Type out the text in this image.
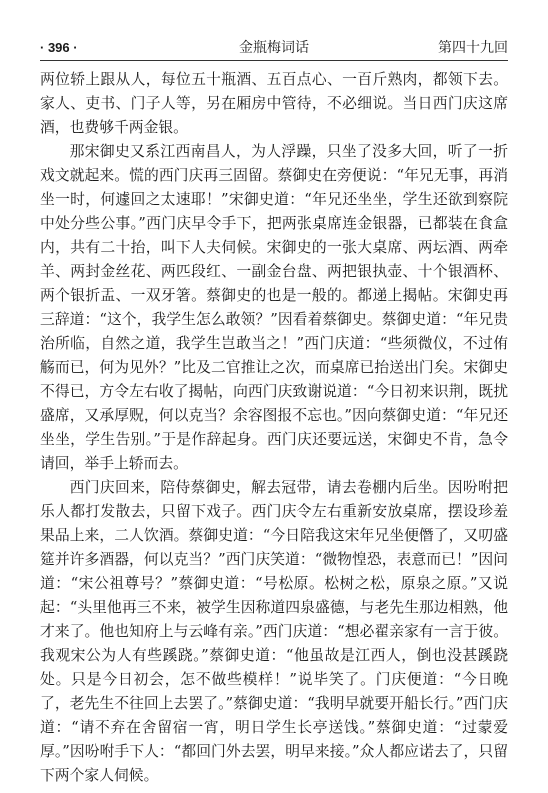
· 396 ·	金瓶梅词话	第四十九回

两位轿上跟从人，每位五十瓶酒、五百点心、一百斤熟肉，都领下去。家人、吏书、门子人等，另在厢房中管待，不必细说。当日西门庆这席酒，也费够千两金银。

那宋御史又系江西南昌人，为人浮躁，只坐了没多大回，听了一折戏文就起来。慌的西门庆再三固留。蔡御史在旁便说：“年兄无事，再消坐一时，何遽回之太速耶！”宋御史道：“年兄还坐坐，学生还欲到察院中处分些公事。”西门庆早令手下，把两张桌席连金银器，已都装在食盒内，共有二十抬，叫下人夫伺候。宋御史的一张大桌席、两坛酒、两牵羊、两封金丝花、两匹段红、一副金台盘、两把银执壶、十个银酒杯、两个银折盂、一双牙箸。蔡御史的也是一般的。都递上揭帖。宋御史再三辞道：“这个，我学生怎么敢领？”因看着蔡御史。蔡御史道：“年兄贵治所临，自然之道，我学生岂敢当之！”西门庆道：“些须微仪，不过侑觞而已，何为见外？”比及二官推让之次，而桌席已抬送出门矣。宋御史不得已，方令左右收了揭帖，向西门庆致谢说道：“今日初来识荆，既扰盛席，又承厚贶，何以克当？余容图报不忘也。”因向蔡御史道：“年兄还坐坐，学生告别。”于是作辞起身。西门庆还要远送，宋御史不肯，急令请回，举手上轿而去。

西门庆回来，陪侍蔡御史，解去冠带，请去卷棚内后坐。因吩咐把乐人都打发散去，只留下戏子。西门庆令左右重新安放桌席，摆设珍羞果品上来，二人饮酒。蔡御史道：“今日陪我这宋年兄坐便僭了，又叨盛筵并许多酒器，何以克当？”西门庆笑道：“微物惶恐，表意而已！”因问道：“宋公祖尊号？”蔡御史道：“号松原。松树之松，原泉之原。”又说起：“头里他再三不来，被学生因称道四泉盛德，与老先生那边相熟，他才来了。他也知府上与云峰有亲。”西门庆道：“想必翟亲家有一言于彼。我观宋公为人有些蹊跷。”蔡御史道：“他虽故是江西人，倒也没甚蹊跷处。只是今日初会，怎不做些模样！”说毕笑了。门庆便道：“今日晚了，老先生不往回上去罢了。”蔡御史道：“我明早就要开船长行。”西门庆道：“请不弃在舍留宿一宵，明日学生长亭送饯。”蔡御史道：“过蒙爱厚。”因吩咐手下人：“都回门外去罢，明早来接。”众人都应诺去了，只留下两个家人伺候。
